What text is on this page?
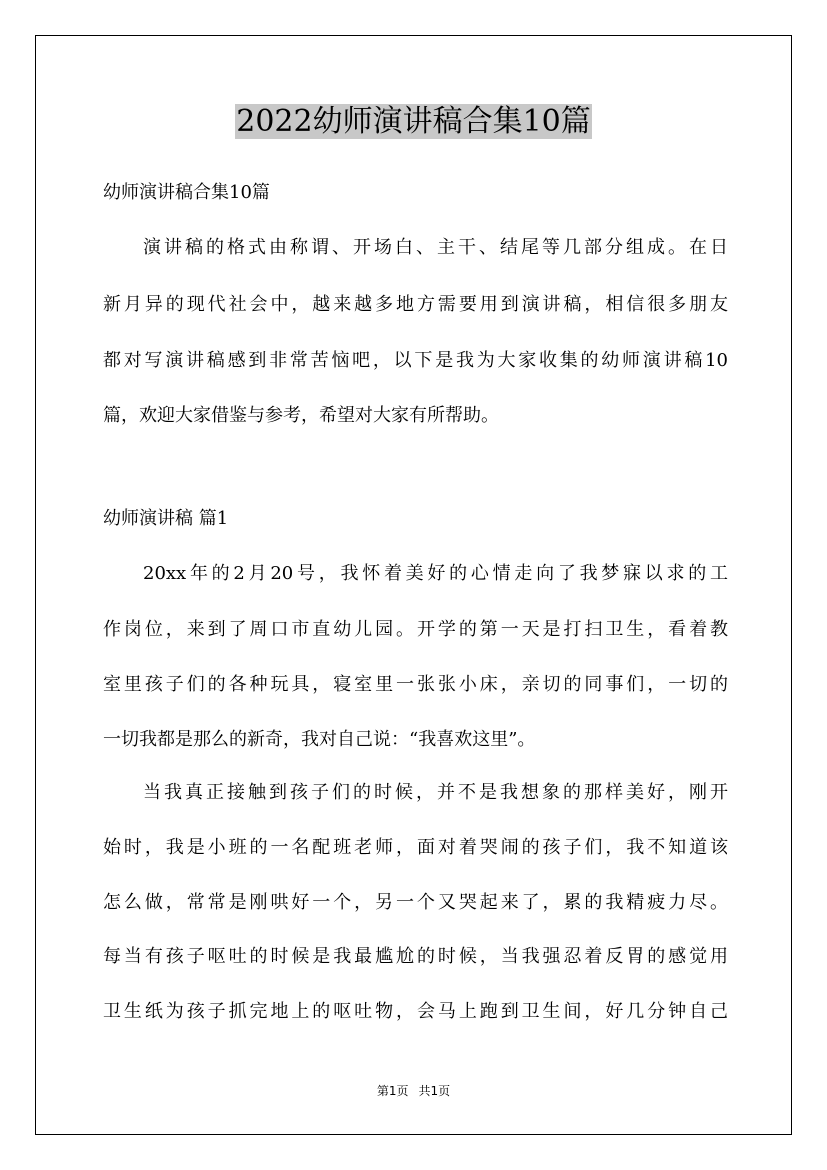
2022幼师演讲稿合集10篇
幼师演讲稿合集10篇
演讲稿的格式由称谓、开场白、主干、结尾等几部分组成。在日
新月异的现代社会中，越来越多地方需要用到演讲稿，相信很多朋友
都对写演讲稿感到非常苦恼吧，以下是我为大家收集的幼师演讲稿10
篇，欢迎大家借鉴与参考，希望对大家有所帮助。
幼师演讲稿 篇1
20xx年的2月20号，我怀着美好的心情走向了我梦寐以求的工
作岗位，来到了周口市直幼儿园。开学的第一天是打扫卫生，看着教
室里孩子们的各种玩具，寝室里一张张小床，亲切的同事们，一切的
一切我都是那么的新奇，我对自己说：“我喜欢这里”。
当我真正接触到孩子们的时候，并不是我想象的那样美好，刚开
始时，我是小班的一名配班老师，面对着哭闹的孩子们，我不知道该
怎么做，常常是刚哄好一个，另一个又哭起来了，累的我精疲力尽。
每当有孩子呕吐的时候是我最尴尬的时候，当我强忍着反胃的感觉用
卫生纸为孩子抓完地上的呕吐物，会马上跑到卫生间，好几分钟自己
第1页 共1页
